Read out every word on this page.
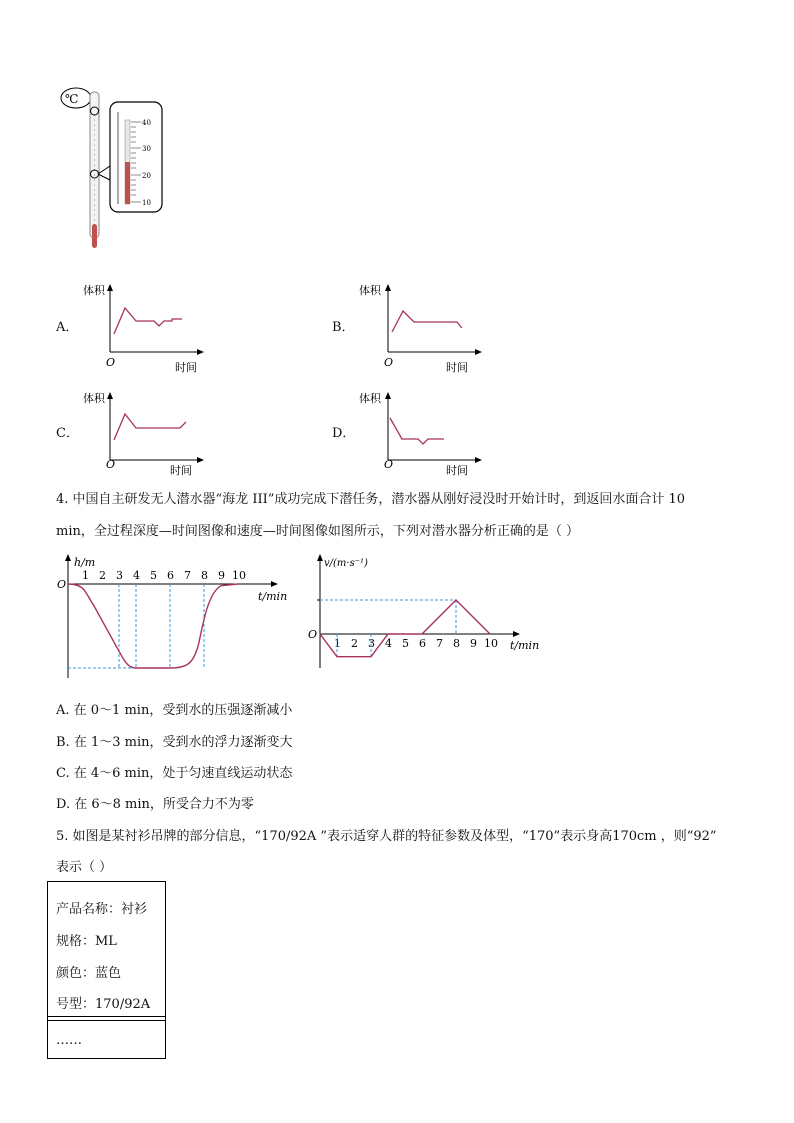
℃
40
30
20
10
A．
体积
O	时间
B．
体积
O	时间
C．
体积
O	时间
D．
体积
O	时间
4. 中国自主研发无人潜水器“海龙 III”成功完成下潜任务，潜水器从刚好浸没时开始计时，到返回水面合计 10
min，全过程深度—时间图像和速度—时间图像如图所示，下列对潜水器分析正确的是（ ）
h/m
O
t/min
1 2 3 4 5 6 7 8 9 10
v/(m·s⁻¹)
O
t/min
1 2 3 4 5 6 7 8 9 10
A. 在 0～1 min，受到水的压强逐渐减小
B. 在 1～3 min，受到水的浮力逐渐变大
C. 在 4～6 min，处于匀速直线运动状态
D. 在 6～8 min，所受合力不为零
5. 如图是某衬衫吊牌的部分信息，“170/92A ”表示适穿人群的特征参数及体型，“170”表示身高170cm ，则“92”
表示（ ）
产品名称：衬衫
规格：ML
颜色：蓝色
号型：170/92A
……
